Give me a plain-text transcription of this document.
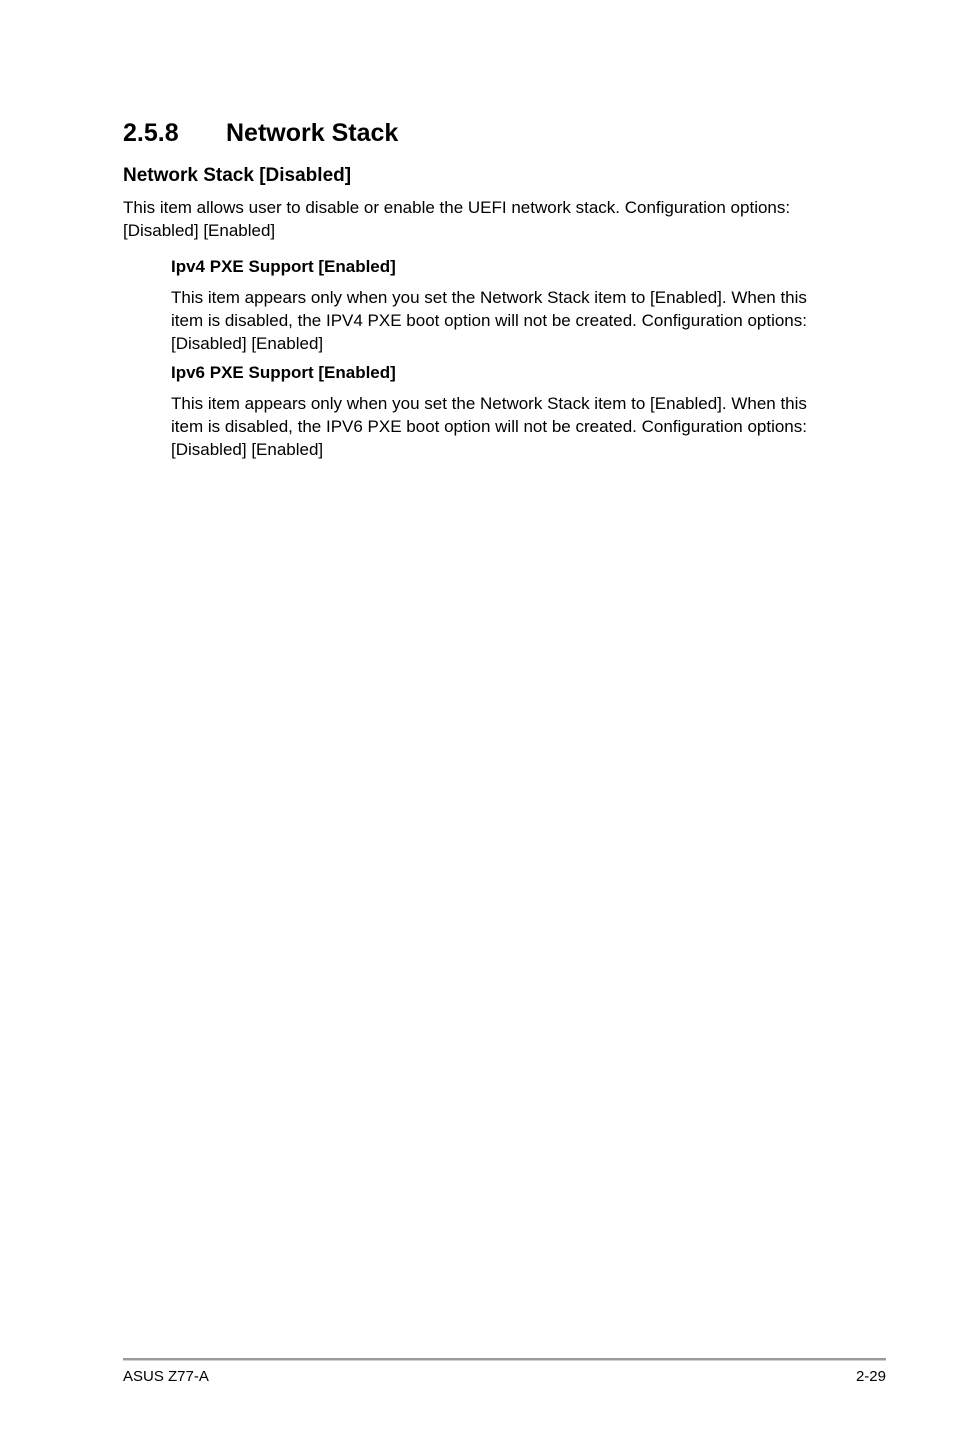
2.5.8 Network Stack
Network Stack [Disabled]

This item allows user to disable or enable the UEFI network stack. Configuration options: [Disabled] [Enabled]

Ipv4 PXE Support [Enabled]

This item appears only when you set the Network Stack item to [Enabled]. When this item is disabled, the IPV4 PXE boot option will not be created. Configuration options: [Disabled] [Enabled]

Ipv6 PXE Support [Enabled]

This item appears only when you set the Network Stack item to [Enabled]. When this item is disabled, the IPV6 PXE boot option will not be created. Configuration options: [Disabled] [Enabled]

ASUS Z77-A	2-29
